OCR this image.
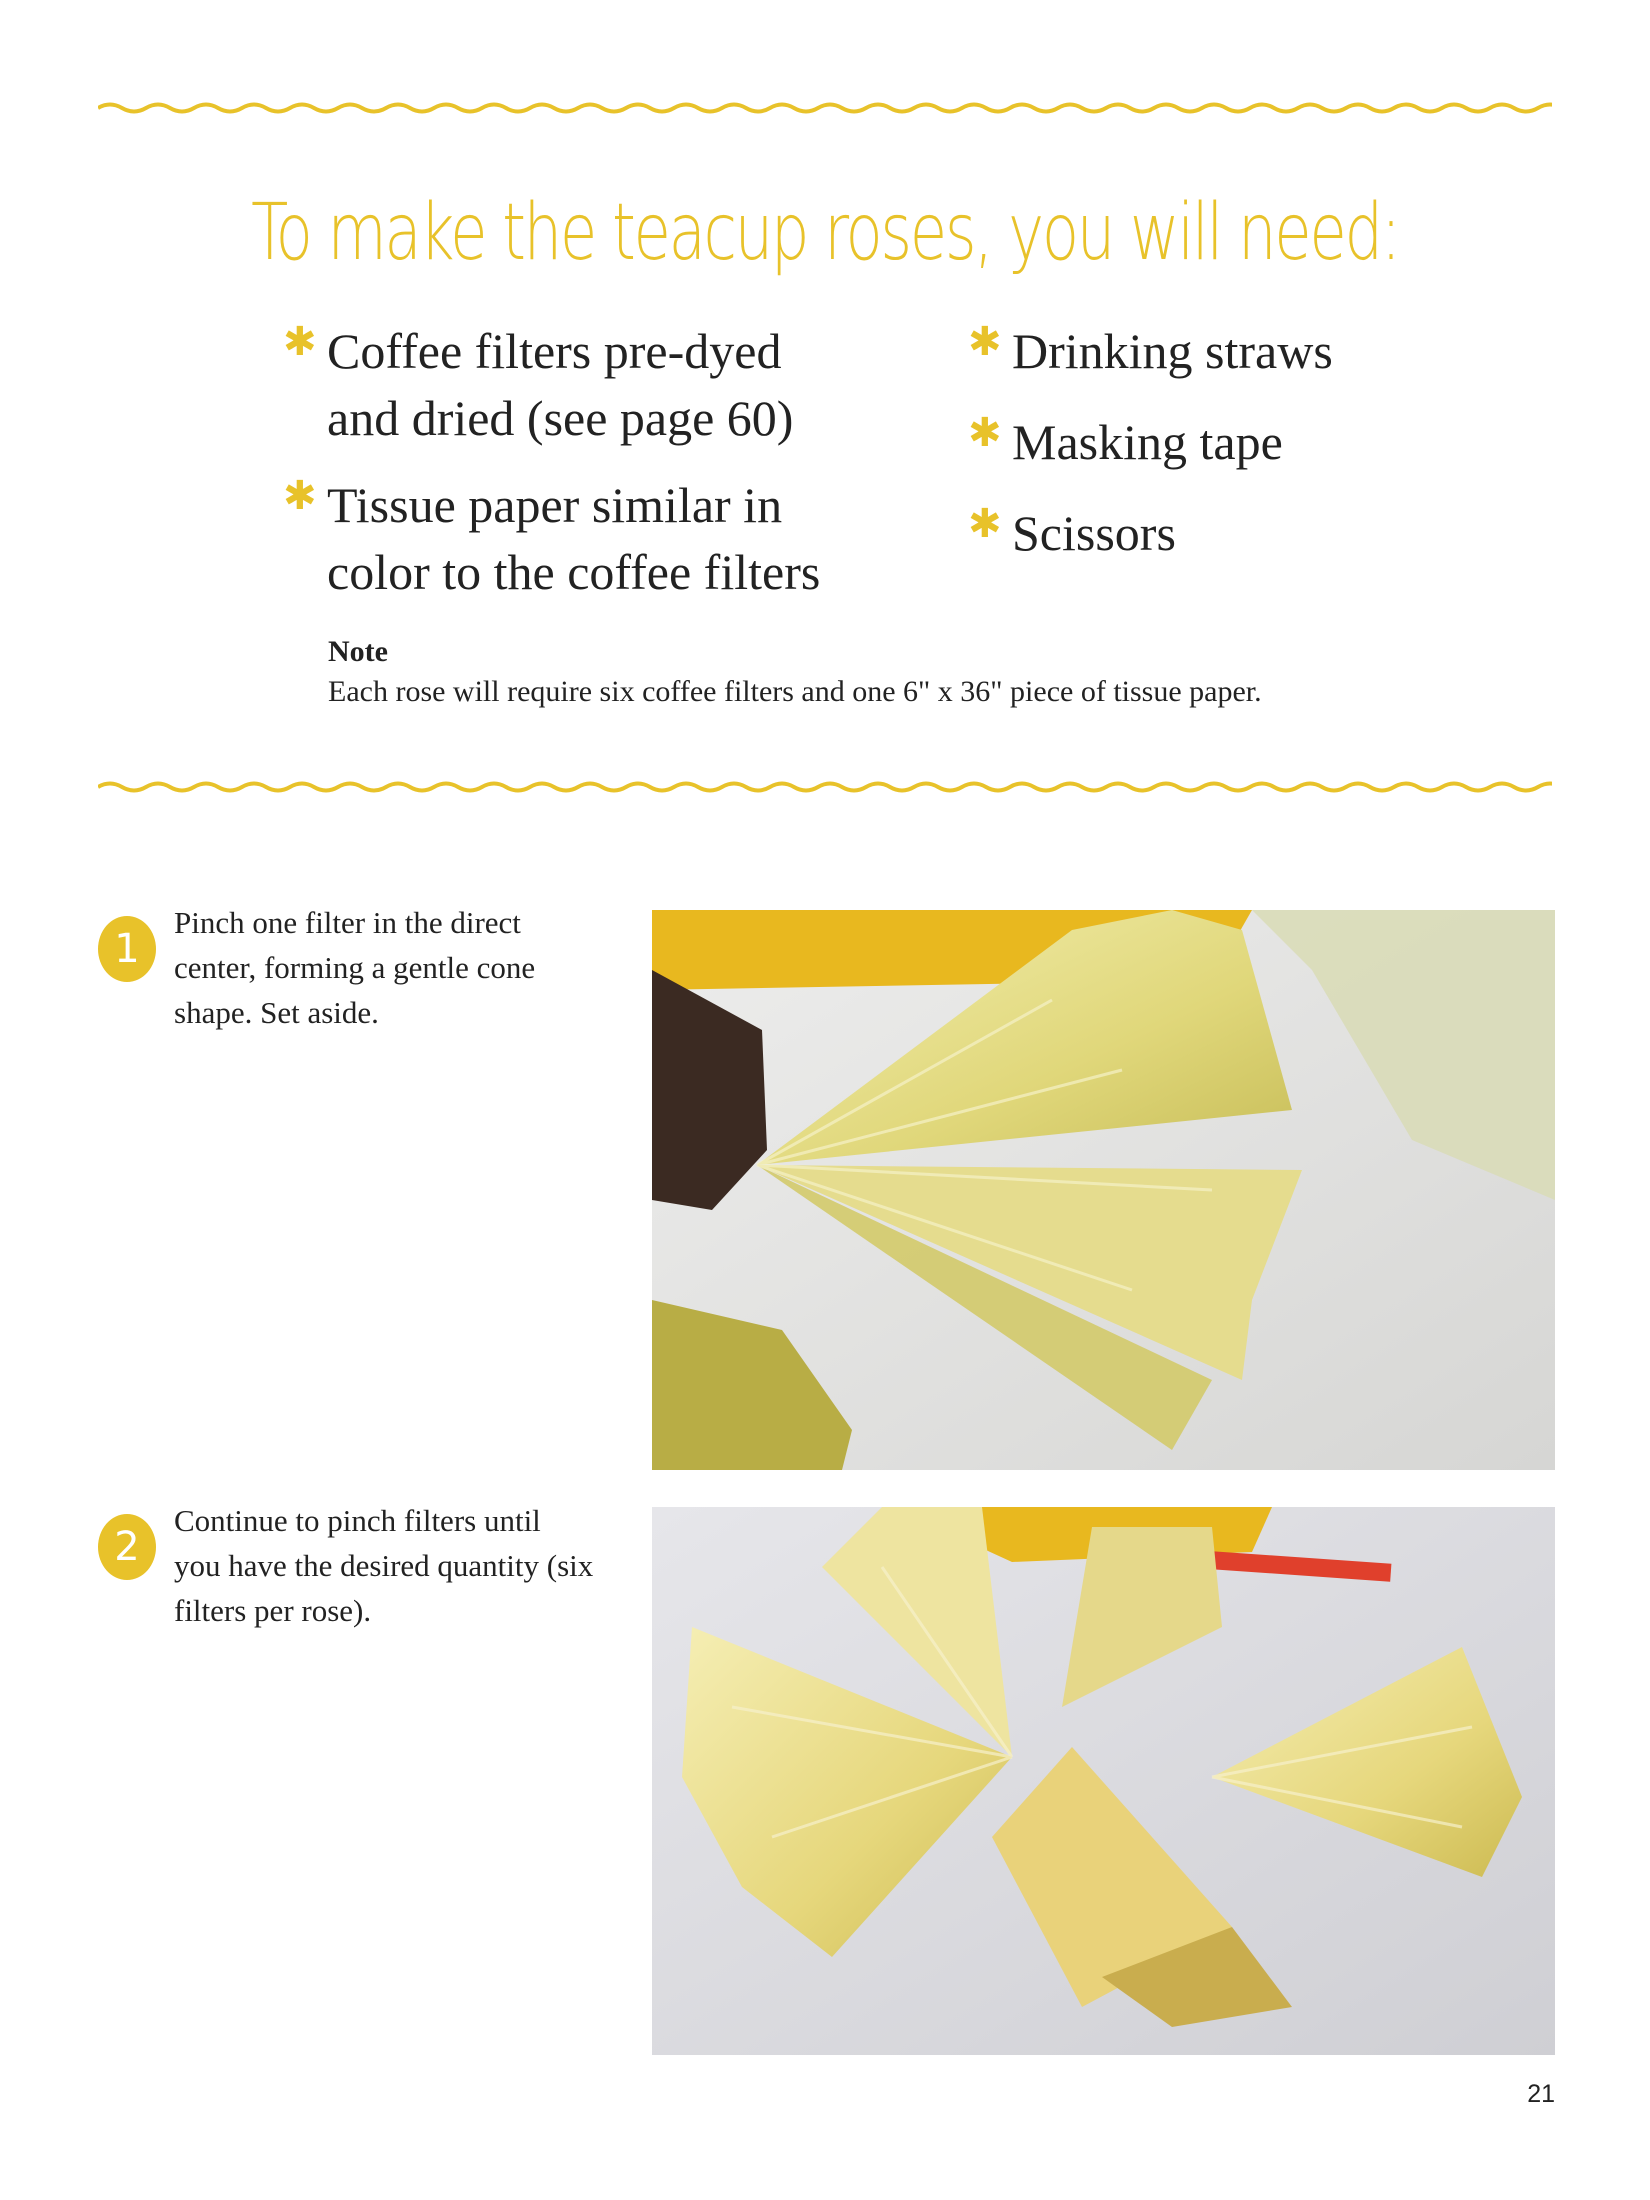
To make the teacup roses, you will need:
✱ Coffee filters pre-dyed
and dried (see page 60)
✱ Tissue paper similar in
color to the coffee filters
✱ Drinking straws
✱ Masking tape
✱ Scissors
Note
Each rose will require six coffee filters and one 6" x 36" piece of tissue paper.
1
Pinch one filter in the direct center, forming a gentle cone shape. Set aside.
2
Continue to pinch filters until you have the desired quantity (six filters per rose).
21
